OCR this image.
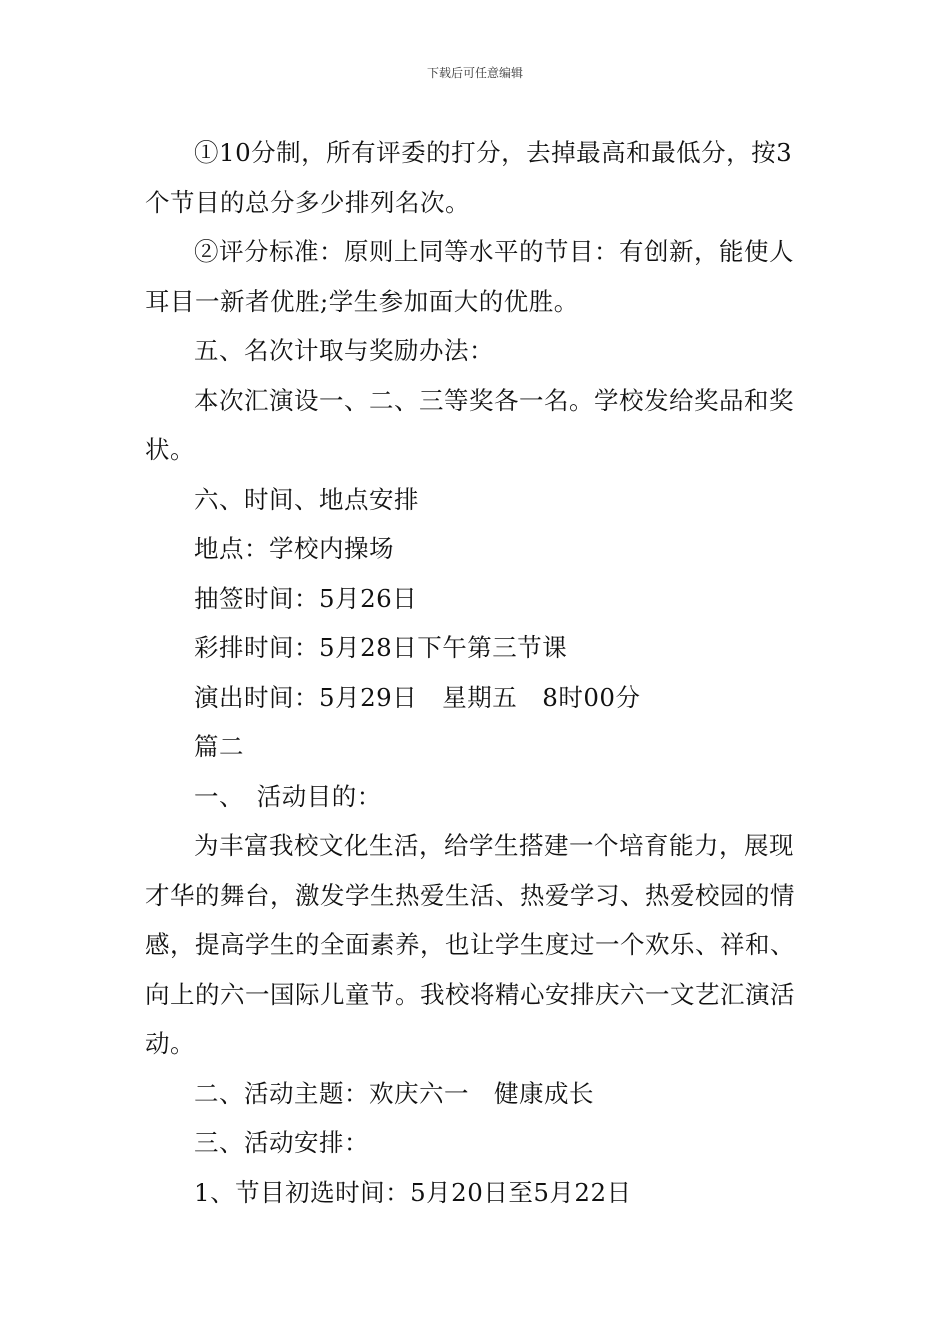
下载后可任意编辑

①10分制，所有评委的打分，去掉最高和最低分，按3个节目的总分多少排列名次。

②评分标准：原则上同等水平的节目：有创新，能使人耳目一新者优胜;学生参加面大的优胜。

五、名次计取与奖励办法：

本次汇演设一、二、三等奖各一名。学校发给奖品和奖状。

六、时间、地点安排

地点：学校内操场

抽签时间：5月26日

彩排时间：5月28日下午第三节课

演出时间：5月29日　星期五　8时00分

篇二

一、　活动目的：

为丰富我校文化生活，给学生搭建一个培育能力，展现才华的舞台，激发学生热爱生活、热爱学习、热爱校园的情感，提高学生的全面素养，也让学生度过一个欢乐、祥和、向上的六一国际儿童节。我校将精心安排庆六一文艺汇演活动。

二、活动主题：欢庆六一　健康成长

三、活动安排：

1、节目初选时间：5月20日至5月22日
